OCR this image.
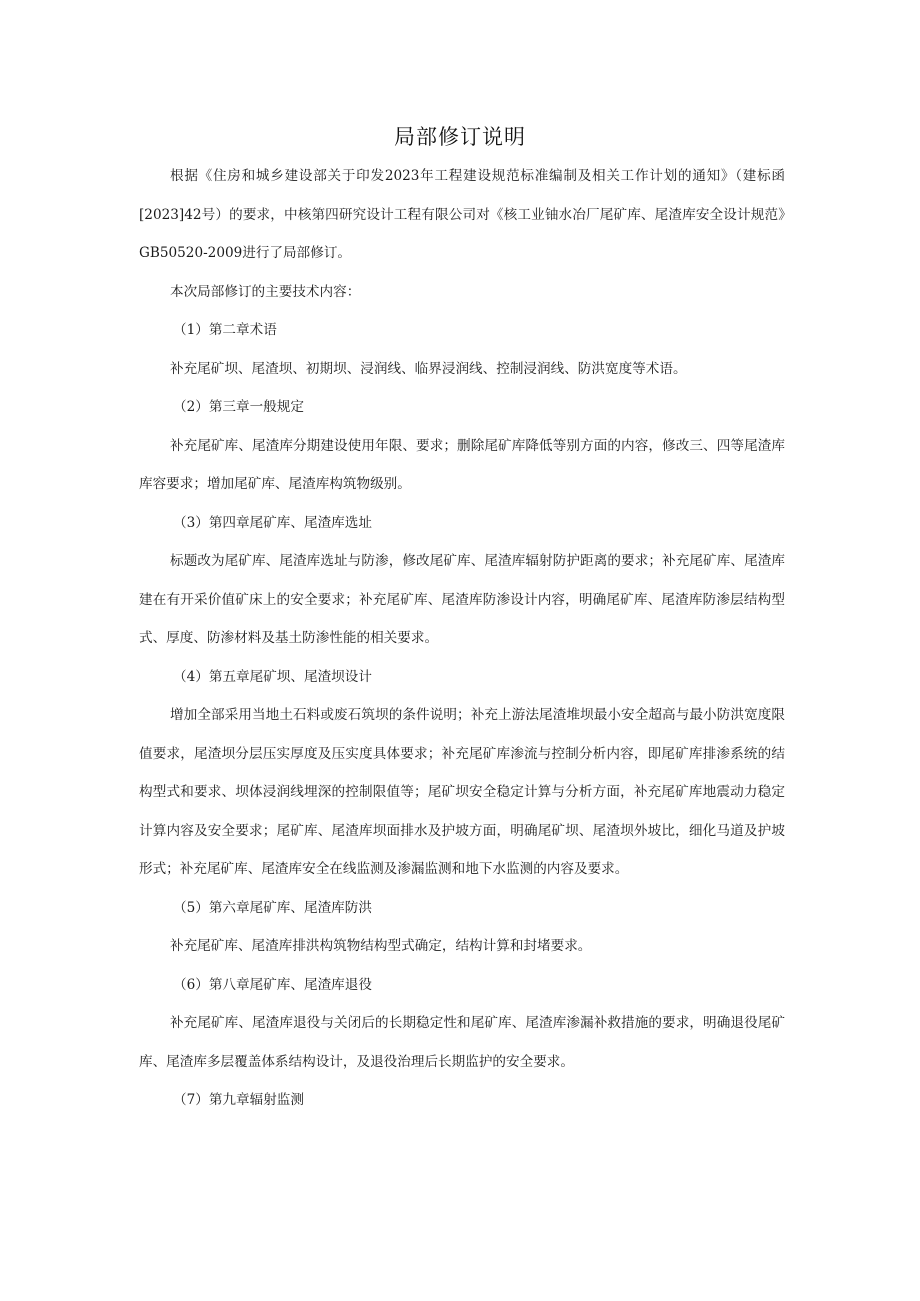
局部修订说明

根据《住房和城乡建设部关于印发2023年工程建设规范标准编制及相关工作计划的通知》（建标函[2023]42号）的要求，中核第四研究设计工程有限公司对《核工业铀水冶厂尾矿库、尾渣库安全设计规范》GB50520-2009进行了局部修订。

本次局部修订的主要技术内容：

（1）第二章术语

补充尾矿坝、尾渣坝、初期坝、浸润线、临界浸润线、控制浸润线、防洪宽度等术语。

（2）第三章一般规定

补充尾矿库、尾渣库分期建设使用年限、要求；删除尾矿库降低等别方面的内容，修改三、四等尾渣库库容要求；增加尾矿库、尾渣库构筑物级别。

（3）第四章尾矿库、尾渣库选址

标题改为尾矿库、尾渣库选址与防渗，修改尾矿库、尾渣库辐射防护距离的要求；补充尾矿库、尾渣库建在有开采价值矿床上的安全要求；补充尾矿库、尾渣库防渗设计内容，明确尾矿库、尾渣库防渗层结构型式、厚度、防渗材料及基土防渗性能的相关要求。

（4）第五章尾矿坝、尾渣坝设计

增加全部采用当地土石料或废石筑坝的条件说明；补充上游法尾渣堆坝最小安全超高与最小防洪宽度限值要求，尾渣坝分层压实厚度及压实度具体要求；补充尾矿库渗流与控制分析内容，即尾矿库排渗系统的结构型式和要求、坝体浸润线埋深的控制限值等；尾矿坝安全稳定计算与分析方面，补充尾矿库地震动力稳定计算内容及安全要求；尾矿库、尾渣库坝面排水及护坡方面，明确尾矿坝、尾渣坝外坡比，细化马道及护坡形式；补充尾矿库、尾渣库安全在线监测及渗漏监测和地下水监测的内容及要求。

（5）第六章尾矿库、尾渣库防洪

补充尾矿库、尾渣库排洪构筑物结构型式确定，结构计算和封堵要求。

（6）第八章尾矿库、尾渣库退役

补充尾矿库、尾渣库退役与关闭后的长期稳定性和尾矿库、尾渣库渗漏补救措施的要求，明确退役尾矿库、尾渣库多层覆盖体系结构设计，及退役治理后长期监护的安全要求。

（7）第九章辐射监测
